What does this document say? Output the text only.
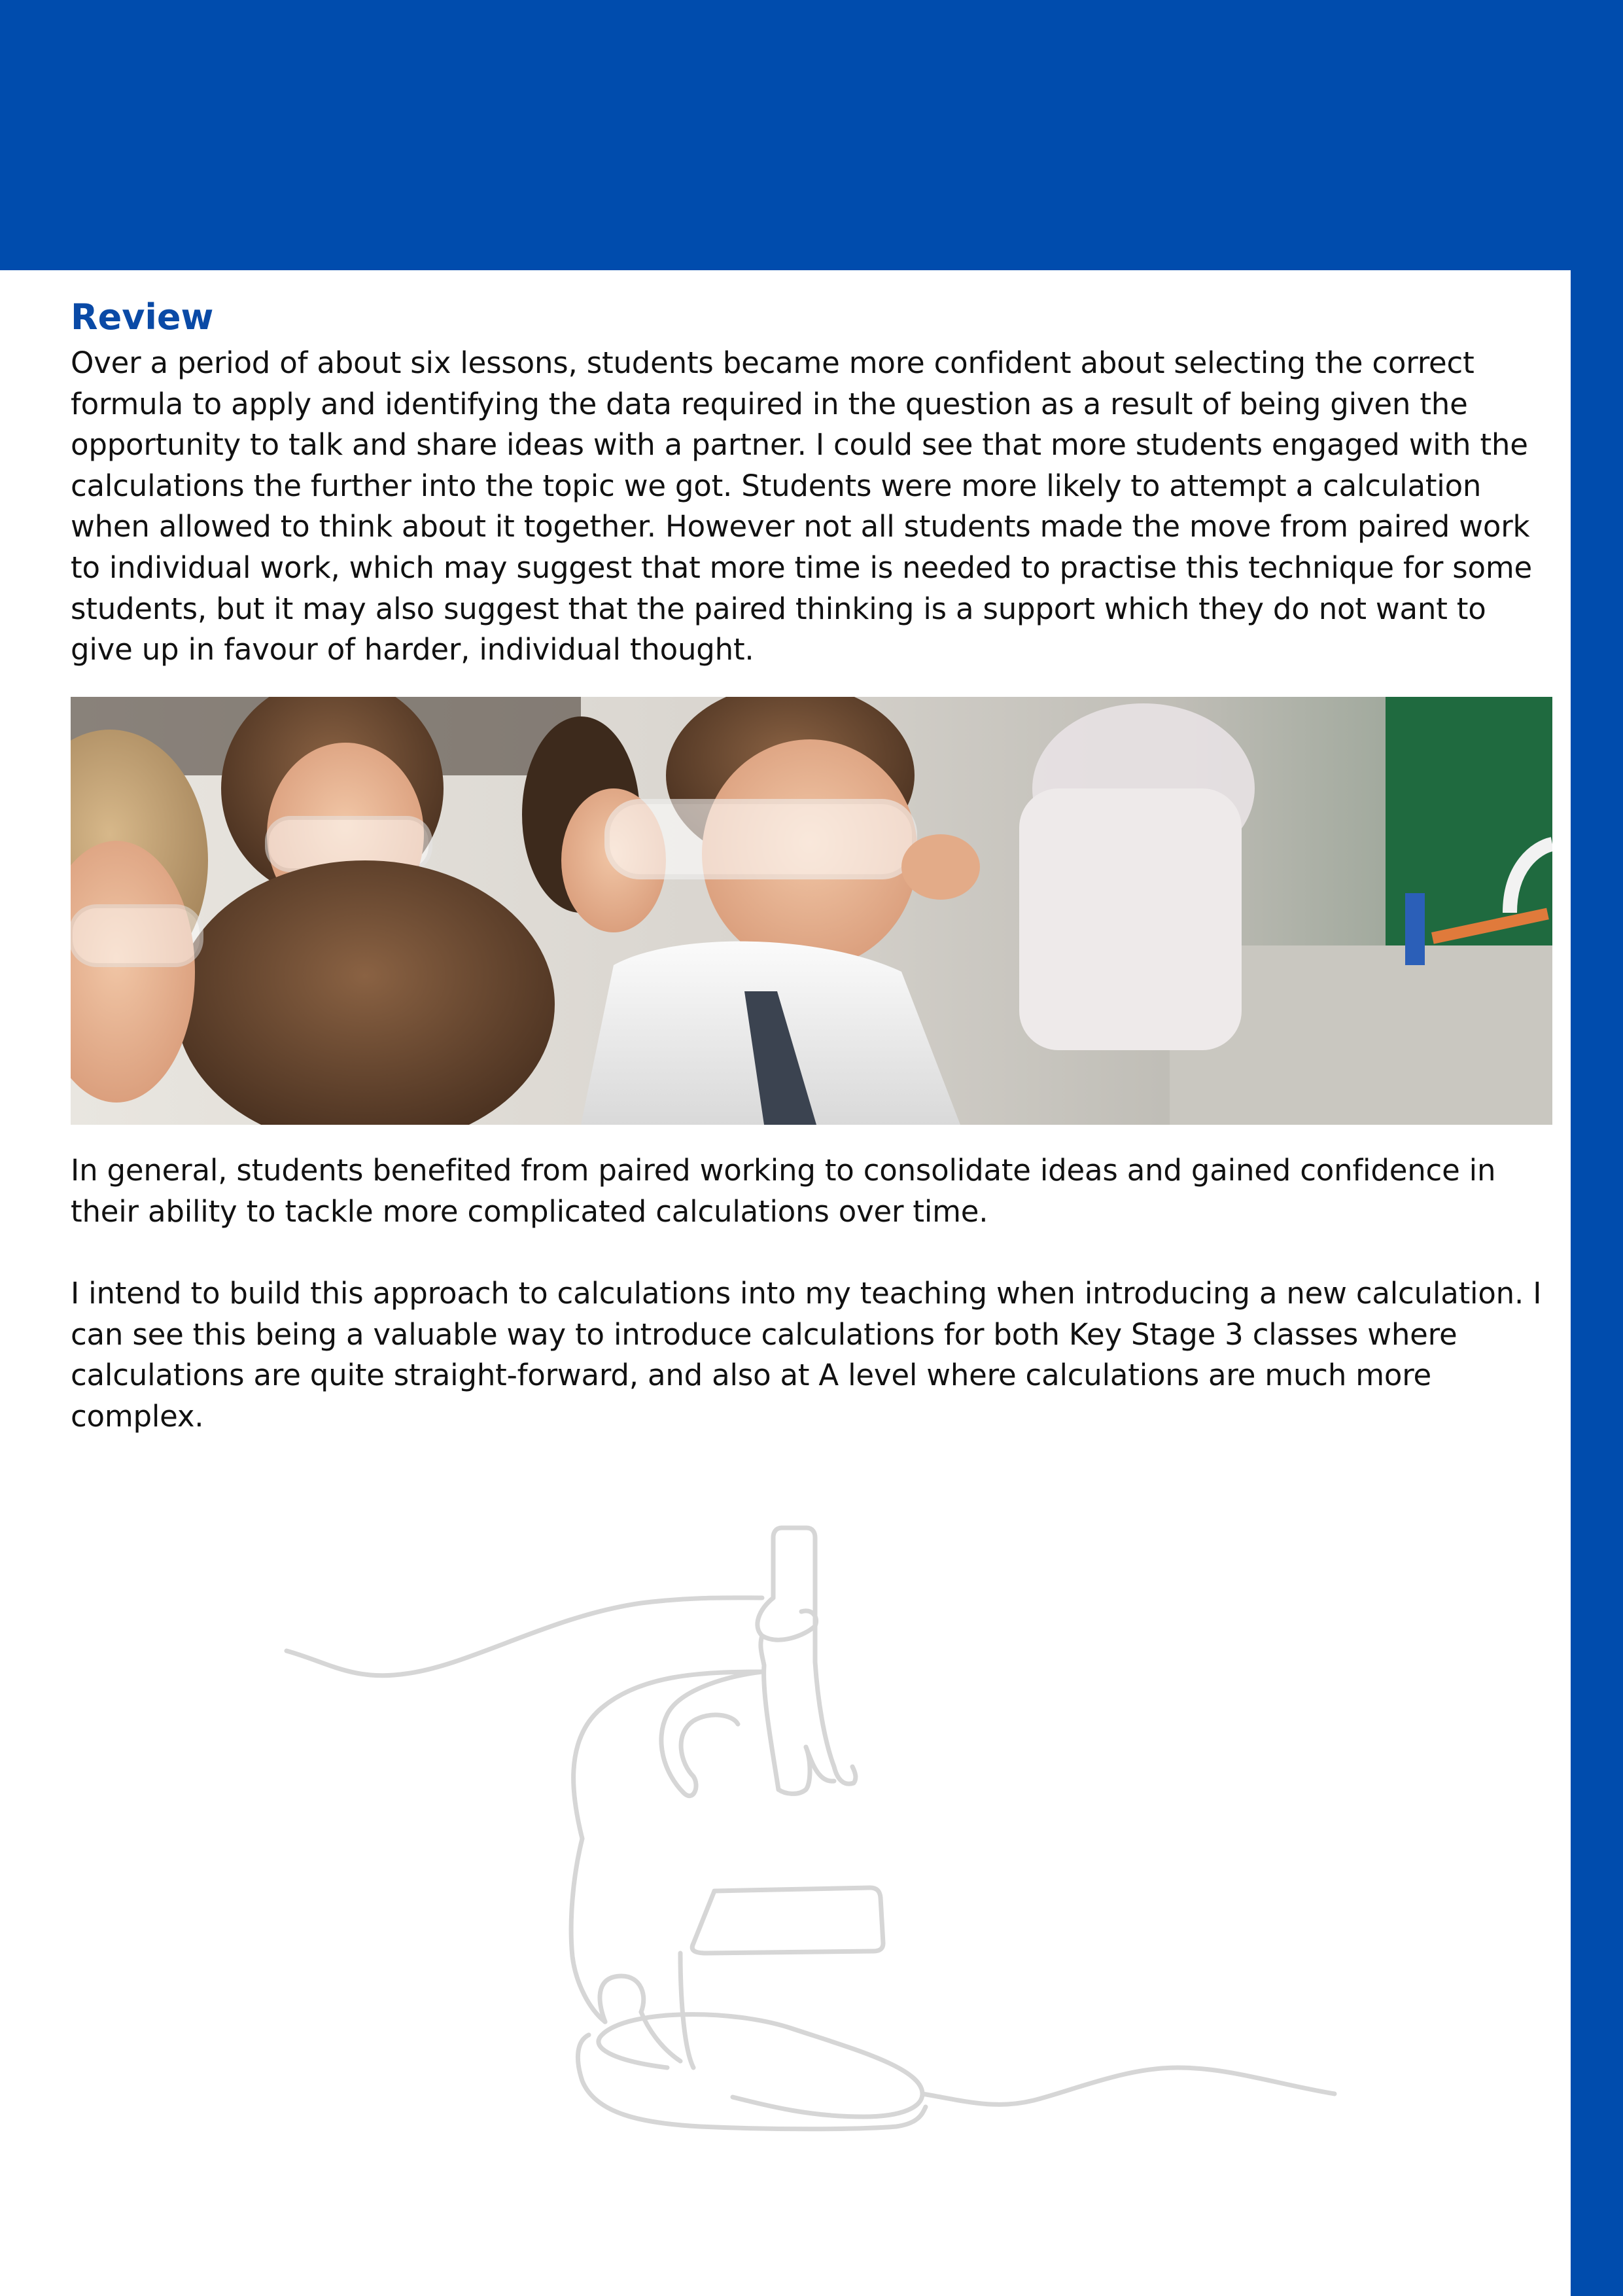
Review

Over a period of about six lessons, students became more confident about selecting the correct formula to apply and identifying the data required in the question as a result of being given the opportunity to talk and share ideas with a partner. I could see that more students engaged with the calculations the further into the topic we got. Students were more likely to attempt a calculation when allowed to think about it together. However not all students made the move from paired work to individual work, which may suggest that more time is needed to practise this technique for some students, but it may also suggest that the paired thinking is a support which they do not want to give up in favour of harder, individual thought.

In general, students benefited from paired working to consolidate ideas and gained confidence in their ability to tackle more complicated calculations over time.

I intend to build this approach to calculations into my teaching when introducing a new calculation. I can see this being a valuable way to introduce calculations for both Key Stage 3 classes where calculations are quite straight-forward, and also at A level where calculations are much more complex.
